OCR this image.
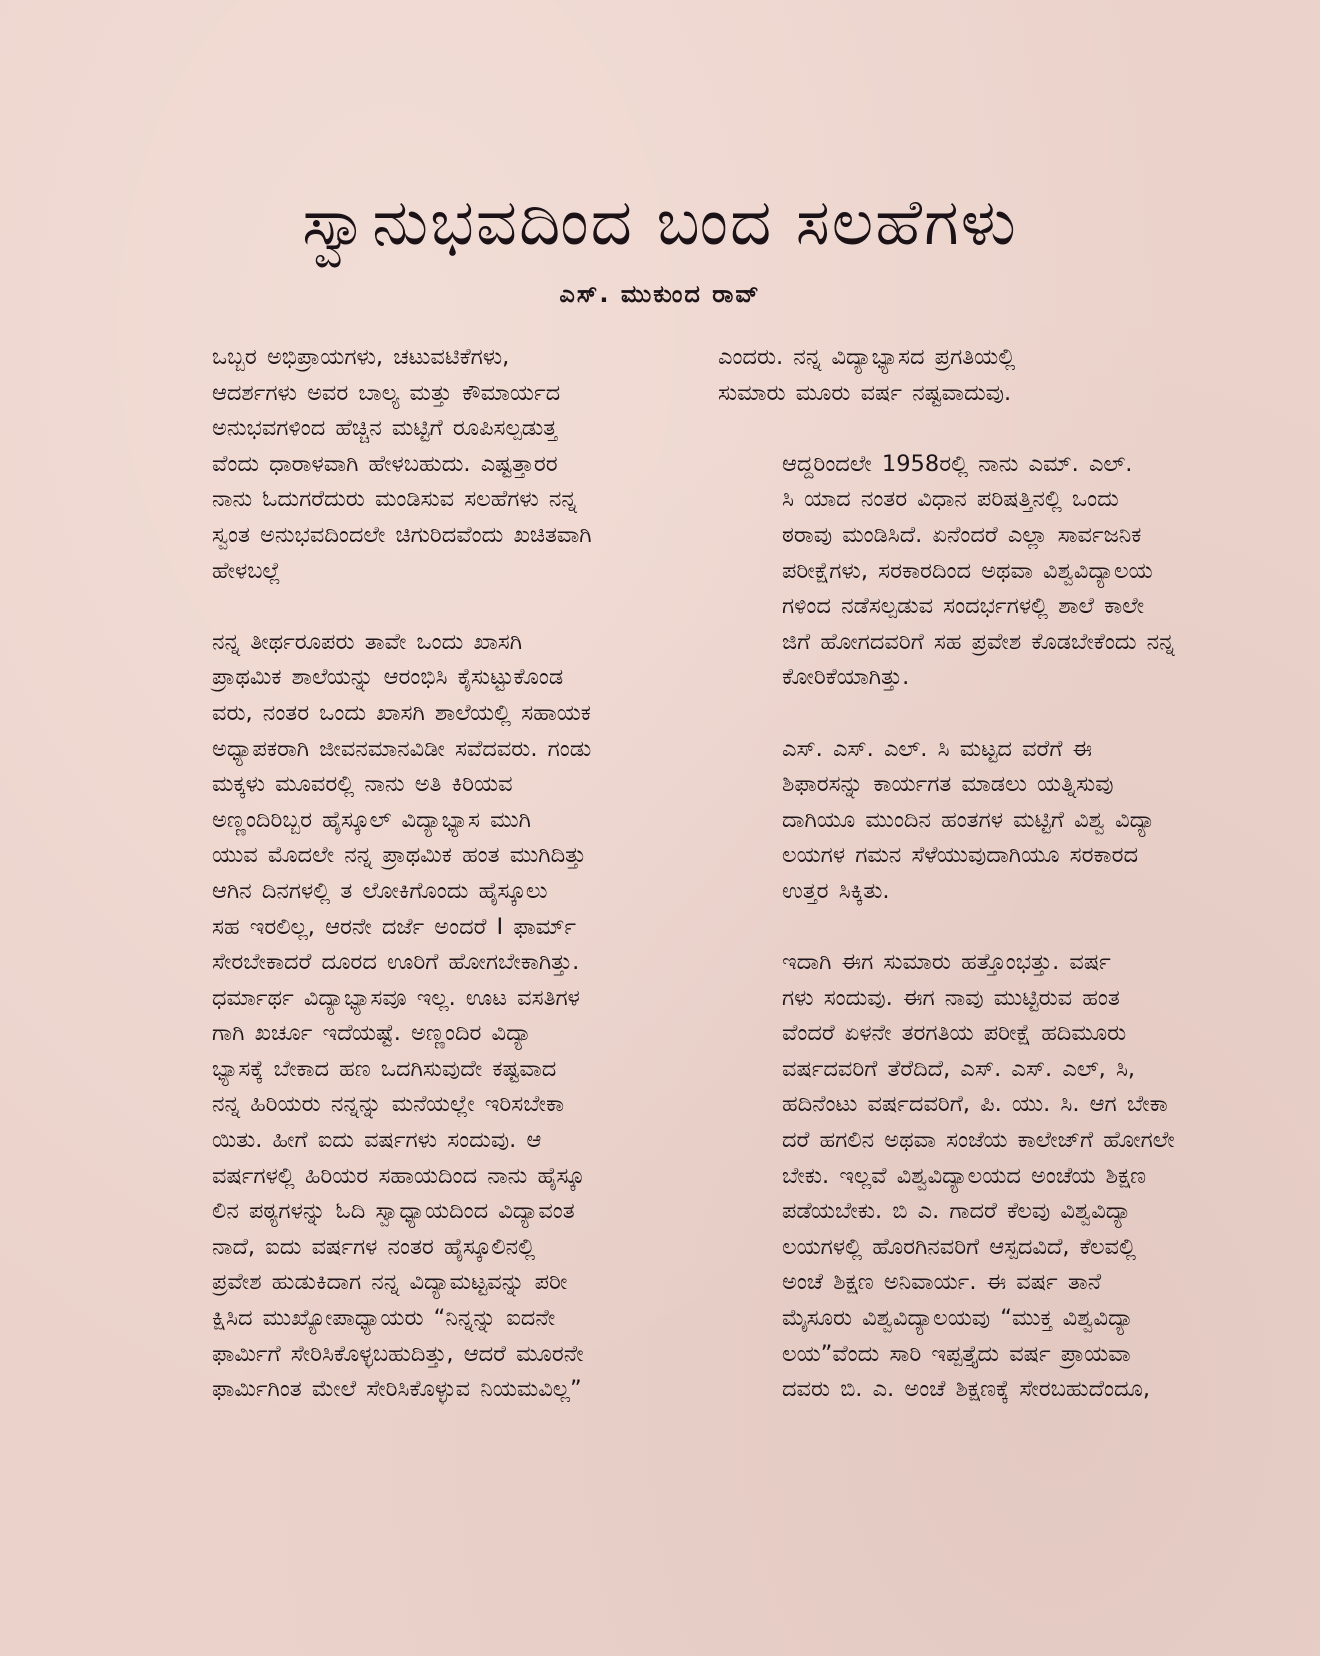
ಸ್ವಾನುಭವದಿಂದ ಬಂದ ಸಲಹೆಗಳು
ಎಸ್. ಮುಕುಂದ ರಾವ್
ಒಬ್ಬರ ಅಭಿಪ್ರಾಯಗಳು, ಚಟುವಟಿಕೆಗಳು,
ಆದರ್ಶಗಳು ಅವರ ಬಾಲ್ಯ ಮತ್ತು ಕೌಮಾರ್ಯದ
ಅನುಭವಗಳಿಂದ ಹೆಚ್ಚಿನ ಮಟ್ಟಿಗೆ ರೂಪಿಸಲ್ಪಡುತ್ತ
ವೆಂದು ಧಾರಾಳವಾಗಿ ಹೇಳಬಹುದು. ಎಷ್ಟತ್ತಾರರ
ನಾನು ಓದುಗರೆದುರು ಮಂಡಿಸುವ ಸಲಹೆಗಳು ನನ್ನ
ಸ್ವಂತ ಅನುಭವದಿಂದಲೇ ಚಿಗುರಿದವೆಂದು ಖಚಿತವಾಗಿ
ಹೇಳಬಲ್ಲೆ
ನನ್ನ ತೀರ್ಥರೂಪರು ತಾವೇ ಒಂದು ಖಾಸಗಿ
ಪ್ರಾಥಮಿಕ ಶಾಲೆಯನ್ನು ಆರಂಭಿಸಿ ಕೈಸುಟ್ಟುಕೊಂಡ
ವರು, ನಂತರ ಒಂದು ಖಾಸಗಿ ಶಾಲೆಯಲ್ಲಿ ಸಹಾಯಕ
ಅಧ್ಯಾಪಕರಾಗಿ ಜೀವನಮಾನವಿಡೀ ಸವೆದವರು. ಗಂಡು
ಮಕ್ಕಳು ಮೂವರಲ್ಲಿ ನಾನು ಅತಿ ಕಿರಿಯವ
ಅಣ್ಣಂದಿರಿಬ್ಬರ ಹೈಸ್ಕೂಲ್ ವಿದ್ಯಾಭ್ಯಾಸ ಮುಗಿ
ಯುವ ಮೊದಲೇ ನನ್ನ ಪ್ರಾಥಮಿಕ ಹಂತ ಮುಗಿದಿತ್ತು
ಆಗಿನ ದಿನಗಳಲ್ಲಿ ತ ಲೋಕಿಗೊಂದು ಹೈಸ್ಕೂಲು
ಸಹ ಇರಲಿಲ್ಲ, ಆರನೇ ದರ್ಜೆ ಅಂದರೆ I ಫಾರ್ಮ್
ಸೇರಬೇಕಾದರೆ ದೂರದ ಊರಿಗೆ ಹೋಗಬೇಕಾಗಿತ್ತು.
ಧರ್ಮಾರ್ಥ ವಿದ್ಯಾಭ್ಯಾಸವೂ ಇಲ್ಲ. ಊಟ ವಸತಿಗಳ
ಗಾಗಿ ಖರ್ಚೂ ಇದೆಯಷ್ಟೆ. ಅಣ್ಣಂದಿರ ವಿದ್ಯಾ
ಭ್ಯಾಸಕ್ಕೆ ಬೇಕಾದ ಹಣ ಒದಗಿಸುವುದೇ ಕಷ್ಟವಾದ
ನನ್ನ ಹಿರಿಯರು ನನ್ನನ್ನು ಮನೆಯಲ್ಲೇ ಇರಿಸಬೇಕಾ
ಯಿತು. ಹೀಗೆ ಐದು ವರ್ಷಗಳು ಸಂದುವು. ಆ
ವರ್ಷಗಳಲ್ಲಿ ಹಿರಿಯರ ಸಹಾಯದಿಂದ ನಾನು ಹೈಸ್ಕೂ
ಲಿನ ಪಠ್ಯಗಳನ್ನು ಓದಿ ಸ್ವಾಧ್ಯಾಯದಿಂದ ವಿದ್ಯಾವಂತ
ನಾದೆ, ಐದು ವರ್ಷಗಳ ನಂತರ ಹೈಸ್ಕೂಲಿನಲ್ಲಿ
ಪ್ರವೇಶ ಹುಡುಕಿದಾಗ ನನ್ನ ವಿದ್ಯಾಮಟ್ಟವನ್ನು ಪರೀ
ಕ್ಷಿಸಿದ ಮುಖ್ಯೋಪಾಧ್ಯಾಯರು “ನಿನ್ನನ್ನು ಐದನೇ
ಫಾರ್ಮಿಗೆ ಸೇರಿಸಿಕೊಳ್ಳಬಹುದಿತ್ತು, ಆದರೆ ಮೂರನೇ
ಫಾರ್ಮಿಗಿಂತ ಮೇಲೆ ಸೇರಿಸಿಕೊಳ್ಳುವ ನಿಯಮವಿಲ್ಲ”
ಎಂದರು. ನನ್ನ ವಿದ್ಯಾಭ್ಯಾಸದ ಪ್ರಗತಿಯಲ್ಲಿ
ಸುಮಾರು ಮೂರು ವರ್ಷ ನಷ್ಟವಾದುವು.
ಆದ್ದರಿಂದಲೇ 1958ರಲ್ಲಿ ನಾನು ಎಮ್. ಎಲ್.
ಸಿ ಯಾದ ನಂತರ ವಿಧಾನ ಪರಿಷತ್ತಿನಲ್ಲಿ ಒಂದು
ಠರಾವು ಮಂಡಿಸಿದೆ. ಏನೆಂದರೆ ಎಲ್ಲಾ ಸಾರ್ವಜನಿಕ
ಪರೀಕ್ಷೆಗಳು, ಸರಕಾರದಿಂದ ಅಥವಾ ವಿಶ್ವವಿದ್ಯಾಲಯ
ಗಳಿಂದ ನಡೆಸಲ್ಪಡುವ ಸಂದರ್ಭಗಳಲ್ಲಿ ಶಾಲೆ ಕಾಲೇ
ಜಿಗೆ ಹೋಗದವರಿಗೆ ಸಹ ಪ್ರವೇಶ ಕೊಡಬೇಕೆಂದು ನನ್ನ
ಕೋರಿಕೆಯಾಗಿತ್ತು.
ಎಸ್. ಎಸ್. ಎಲ್. ಸಿ ಮಟ್ಟದ ವರೆಗೆ ಈ
ಶಿಫಾರಸನ್ನು ಕಾರ್ಯಗತ ಮಾಡಲು ಯತ್ನಿಸುವು
ದಾಗಿಯೂ ಮುಂದಿನ ಹಂತಗಳ ಮಟ್ಟಿಗೆ ವಿಶ್ವ ವಿದ್ಯಾ
ಲಯಗಳ ಗಮನ ಸೆಳೆಯುವುದಾಗಿಯೂ ಸರಕಾರದ
ಉತ್ತರ ಸಿಕ್ಕಿತು.
ಇದಾಗಿ ಈಗ ಸುಮಾರು ಹತ್ತೊಂಭತ್ತು. ವರ್ಷ
ಗಳು ಸಂದುವು. ಈಗ ನಾವು ಮುಟ್ಟಿರುವ ಹಂತ
ವೆಂದರೆ ಏಳನೇ ತರಗತಿಯ ಪರೀಕ್ಷೆ ಹದಿಮೂರು
ವರ್ಷದವರಿಗೆ ತೆರೆದಿದೆ, ಎಸ್. ಎಸ್. ಎಲ್, ಸಿ,
ಹದಿನೆಂಟು ವರ್ಷದವರಿಗೆ, ಪಿ. ಯು. ಸಿ. ಆಗ ಬೇಕಾ
ದರೆ ಹಗಲಿನ ಅಥವಾ ಸಂಜೆಯ ಕಾಲೇಜ್‌ಗೆ ಹೋಗಲೇ
ಬೇಕು. ಇಲ್ಲವೆ ವಿಶ್ವವಿದ್ಯಾಲಯದ ಅಂಚೆಯ ಶಿಕ್ಷಣ
ಪಡೆಯಬೇಕು. ಬಿ ಎ. ಗಾದರೆ ಕೆಲವು ವಿಶ್ವವಿದ್ಯಾ
ಲಯಗಳಲ್ಲಿ ಹೊರಗಿನವರಿಗೆ ಆಸ್ಪದವಿದೆ, ಕೆಲವಲ್ಲಿ
ಅಂಚೆ ಶಿಕ್ಷಣ ಅನಿವಾರ್ಯ. ಈ ವರ್ಷ ತಾನೆ
ಮೈಸೂರು ವಿಶ್ವವಿದ್ಯಾಲಯವು “ಮುಕ್ತ ವಿಶ್ವವಿದ್ಯಾ
ಲಯ”ವೆಂದು ಸಾರಿ ಇಪ್ಪತ್ತೈದು ವರ್ಷ ಪ್ರಾಯವಾ
ದವರು ಬಿ. ಎ. ಅಂಚೆ ಶಿಕ್ಷಣಕ್ಕೆ ಸೇರಬಹುದೆಂದೂ,
